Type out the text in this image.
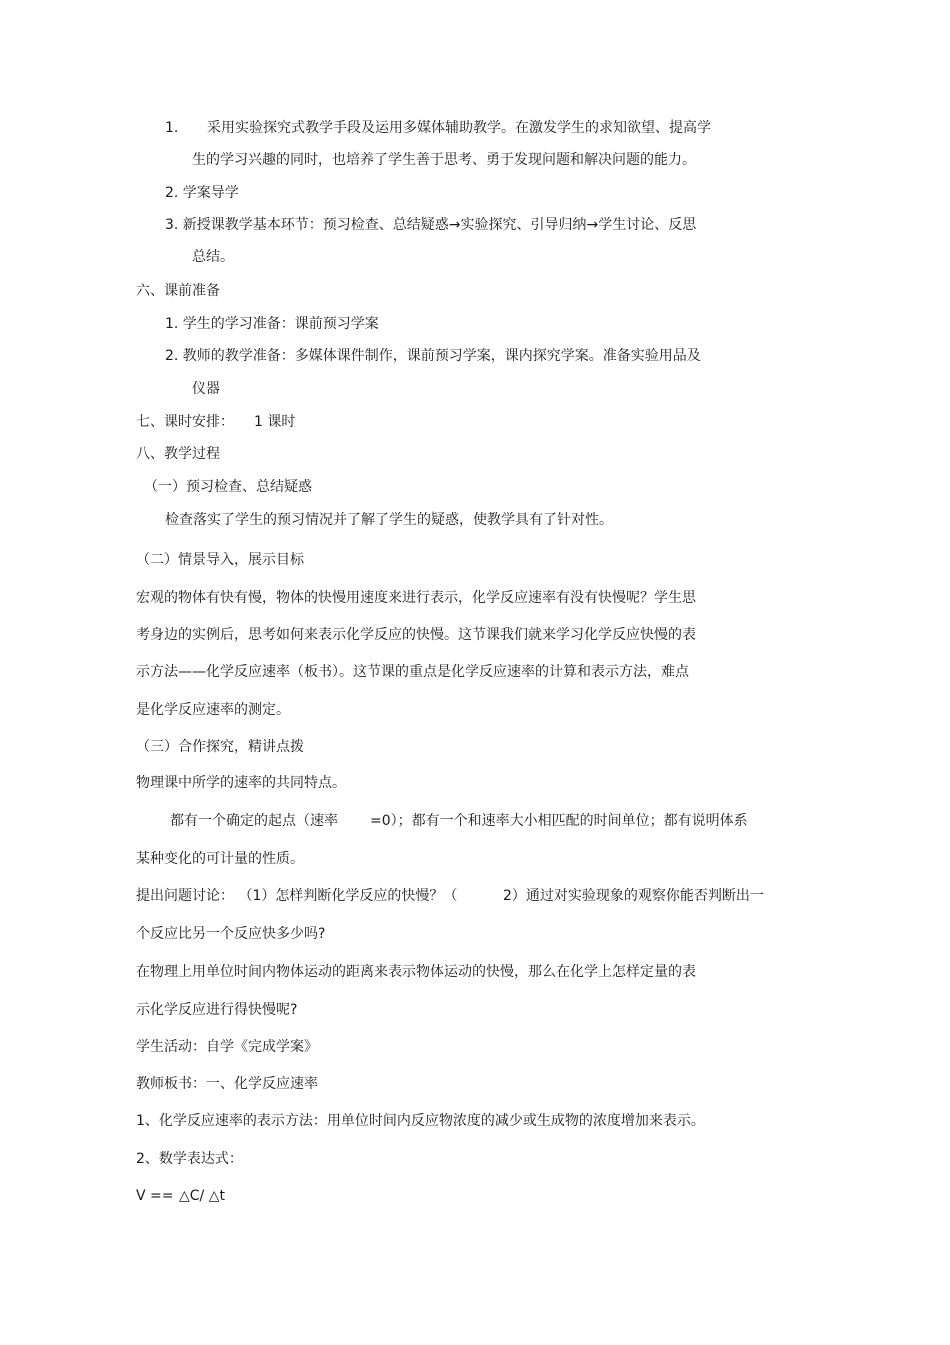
1. 采用实验探究式教学手段及运用多媒体辅助教学。在激发学生的求知欲望、提高学
生的学习兴趣的同时，也培养了学生善于思考、勇于发现问题和解决问题的能力。
2. 学案导学
3. 新授课教学基本环节：预习检查、总结疑惑→实验探究、引导归纳→学生讨论、反思
总结。
六、课前准备
1. 学生的学习准备：课前预习学案
2. 教师的教学准备：多媒体课件制作，课前预习学案，课内探究学案。准备实验用品及
仪器
七、课时安排： 1 课时
八、教学过程
（一）预习检查、总结疑惑
检查落实了学生的预习情况并了解了学生的疑惑，使教学具有了针对性。
（二）情景导入，展示目标
宏观的物体有快有慢，物体的快慢用速度来进行表示，化学反应速率有没有快慢呢？学生思
考身边的实例后，思考如何来表示化学反应的快慢。这节课我们就来学习化学反应快慢的表
示方法——化学反应速率（板书）。这节课的重点是化学反应速率的计算和表示方法，难点
是化学反应速率的测定。
（三）合作探究，精讲点拨
物理课中所学的速率的共同特点。
都有一个确定的起点（速率 =0）；都有一个和速率大小相匹配的时间单位；都有说明体系
某种变化的可计量的性质。
提出问题讨论： （1）怎样判断化学反应的快慢？（	2）通过对实验现象的观察你能否判断出一
个反应比另一个反应快多少吗?
在物理上用单位时间内物体运动的距离来表示物体运动的快慢，那么在化学上怎样定量的表
示化学反应进行得快慢呢?
学生活动：自学《完成学案》
教师板书：一、化学反应速率
1、化学反应速率的表示方法：用单位时间内反应物浓度的减少或生成物的浓度增加来表示。
2、数学表达式：
V == △C/ △t
